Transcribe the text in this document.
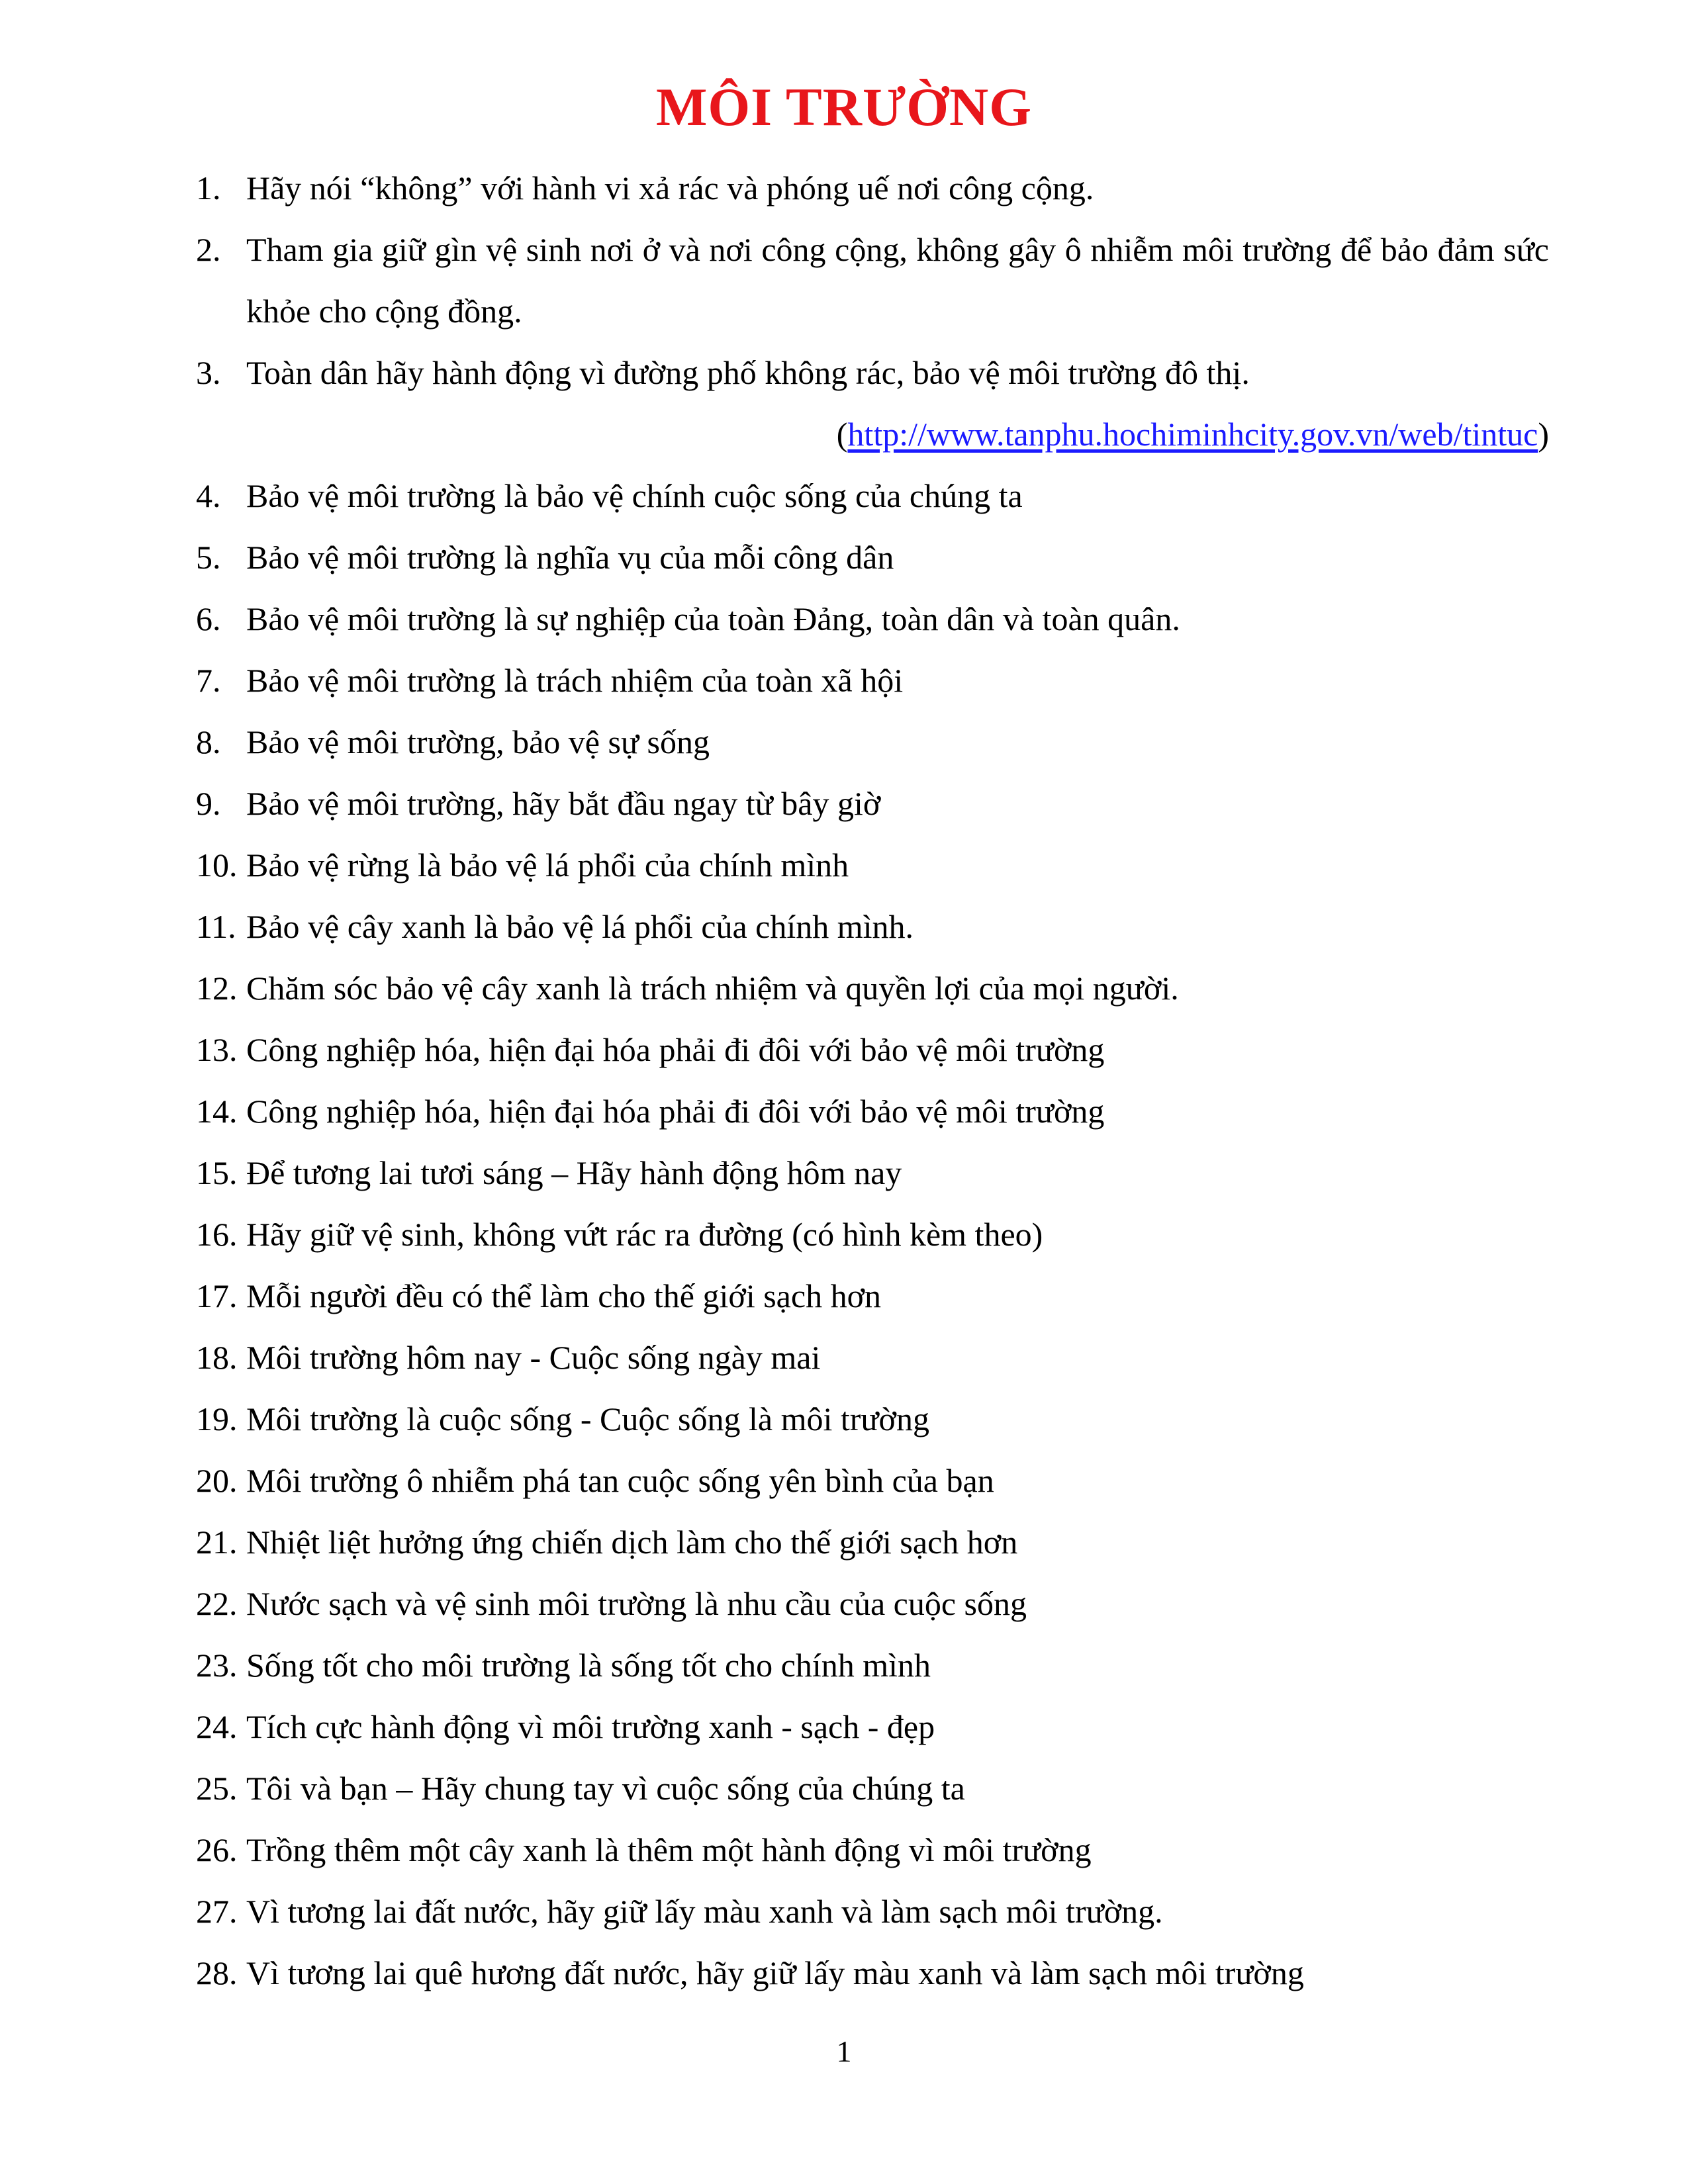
MÔI TRƯỜNG
1. Hãy nói “không” với hành vi xả rác và phóng uế nơi công cộng.
2. Tham gia giữ gìn vệ sinh nơi ở và nơi công cộng, không gây ô nhiễm môi trường để bảo đảm sức khỏe cho cộng đồng.
3. Toàn dân hãy hành động vì đường phố không rác, bảo vệ môi trường đô thị.
(http://www.tanphu.hochiminhcity.gov.vn/web/tintuc)
4. Bảo vệ môi trường là bảo vệ chính cuộc sống của chúng ta
5. Bảo vệ môi trường là nghĩa vụ của mỗi công dân
6. Bảo vệ môi trường là sự nghiệp của toàn Đảng, toàn dân và toàn quân.
7. Bảo vệ môi trường là trách nhiệm của toàn xã hội
8. Bảo vệ môi trường, bảo vệ sự sống
9. Bảo vệ môi trường, hãy bắt đầu ngay từ bây giờ
10. Bảo vệ rừng là bảo vệ lá phổi của chính mình
11. Bảo vệ cây xanh là bảo vệ lá phổi của chính mình.
12. Chăm sóc bảo vệ cây xanh là trách nhiệm và quyền lợi của mọi người.
13. Công nghiệp hóa, hiện đại hóa phải đi đôi với bảo vệ môi trường
14. Công nghiệp hóa, hiện đại hóa phải đi đôi với bảo vệ môi trường
15. Để tương lai tươi sáng – Hãy hành động hôm nay
16. Hãy giữ vệ sinh, không vứt rác ra đường (có hình kèm theo)
17. Mỗi người đều có thể làm cho thế giới sạch hơn
18. Môi trường hôm nay - Cuộc sống ngày mai
19. Môi trường là cuộc sống - Cuộc sống là môi trường
20. Môi trường ô nhiễm phá tan cuộc sống yên bình của bạn
21. Nhiệt liệt hưởng ứng chiến dịch làm cho thế giới sạch hơn
22. Nước sạch và vệ sinh môi trường là nhu cầu của cuộc sống
23. Sống tốt cho môi trường là sống tốt cho chính mình
24. Tích cực hành động vì môi trường xanh - sạch - đẹp
25. Tôi và bạn – Hãy chung tay vì cuộc sống của chúng ta
26. Trồng thêm một cây xanh là thêm một hành động vì môi trường
27. Vì tương lai đất nước, hãy giữ lấy màu xanh và làm sạch môi trường.
28. Vì tương lai quê hương đất nước, hãy giữ lấy màu xanh và làm sạch môi trường
1
